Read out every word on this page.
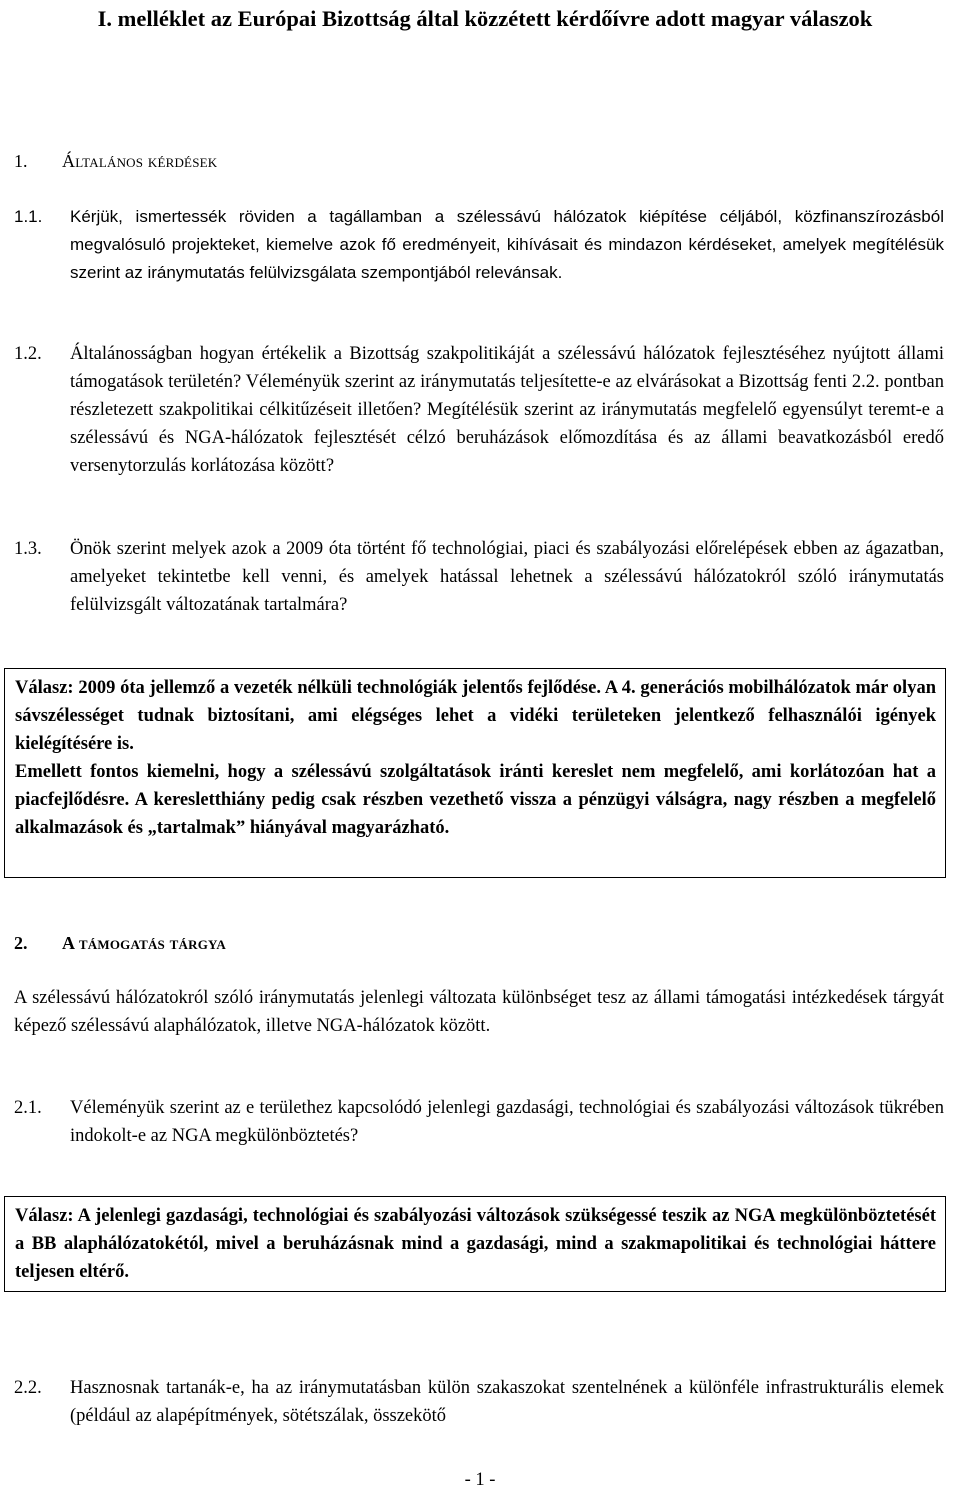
I. melléklet az Európai Bizottság által közzétett kérdőívre adott magyar válaszok
1. Általános kérdések
1.1. Kérjük, ismertessék röviden a tagállamban a szélessávú hálózatok kiépítése céljából, közfinanszírozásból megvalósuló projekteket, kiemelve azok fő eredményeit, kihívásait és mindazon kérdéseket, amelyek megítélésük szerint az iránymutatás felülvizsgálata szempontjából relevánsak.
1.2. Általánosságban hogyan értékelik a Bizottság szakpolitikáját a szélessávú hálózatok fejlesztéséhez nyújtott állami támogatások területén? Véleményük szerint az iránymutatás teljesítette-e az elvárásokat a Bizottság fenti 2.2. pontban részletezett szakpolitikai célkitűzéseit illetően? Megítélésük szerint az iránymutatás megfelelő egyensúlyt teremt-e a szélessávú és NGA-hálózatok fejlesztését célzó beruházások előmozdítása és az állami beavatkozásból eredő versenytorzulás korlátozása között?
1.3. Önök szerint melyek azok a 2009 óta történt fő technológiai, piaci és szabályozási előrelépések ebben az ágazatban, amelyeket tekintetbe kell venni, és amelyek hatással lehetnek a szélessávú hálózatokról szóló iránymutatás felülvizsgált változatának tartalmára?

Válasz: 2009 óta jellemző a vezeték nélküli technológiák jelentős fejlődése. A 4. generációs mobilhálózatok már olyan sávszélességet tudnak biztosítani, ami elégséges lehet a vidéki területeken jelentkező felhasználói igények kielégítésére is.

Emellett fontos kiemelni, hogy a szélessávú szolgáltatások iránti kereslet nem megfelelő, ami korlátozóan hat a piacfejlődésre. A keresletthiány pedig csak részben vezethető vissza a pénzügyi válságra, nagy részben a megfelelő alkalmazások és „tartalmak” hiányával magyarázható.

2. A támogatás tárgya
A szélessávú hálózatokról szóló iránymutatás jelenlegi változata különbséget tesz az állami támogatási intézkedések tárgyát képező szélessávú alaphálózatok, illetve NGA-hálózatok között.
2.1. Véleményük szerint az e területhez kapcsolódó jelenlegi gazdasági, technológiai és szabályozási változások tükrében indokolt-e az NGA megkülönböztetés?

Válasz: A jelenlegi gazdasági, technológiai és szabályozási változások szükségessé teszik az NGA megkülönböztetését a BB alaphálózatokétól, mivel a beruházásnak mind a gazdasági, mind a szakmapolitikai és technológiai háttere teljesen eltérő.

2.2. Hasznosnak tartanák-e, ha az iránymutatásban külön szakaszokat szentelnének a különféle infrastrukturális elemek (például az alapépítmények, sötétszálak, összekötő
- 1 -
